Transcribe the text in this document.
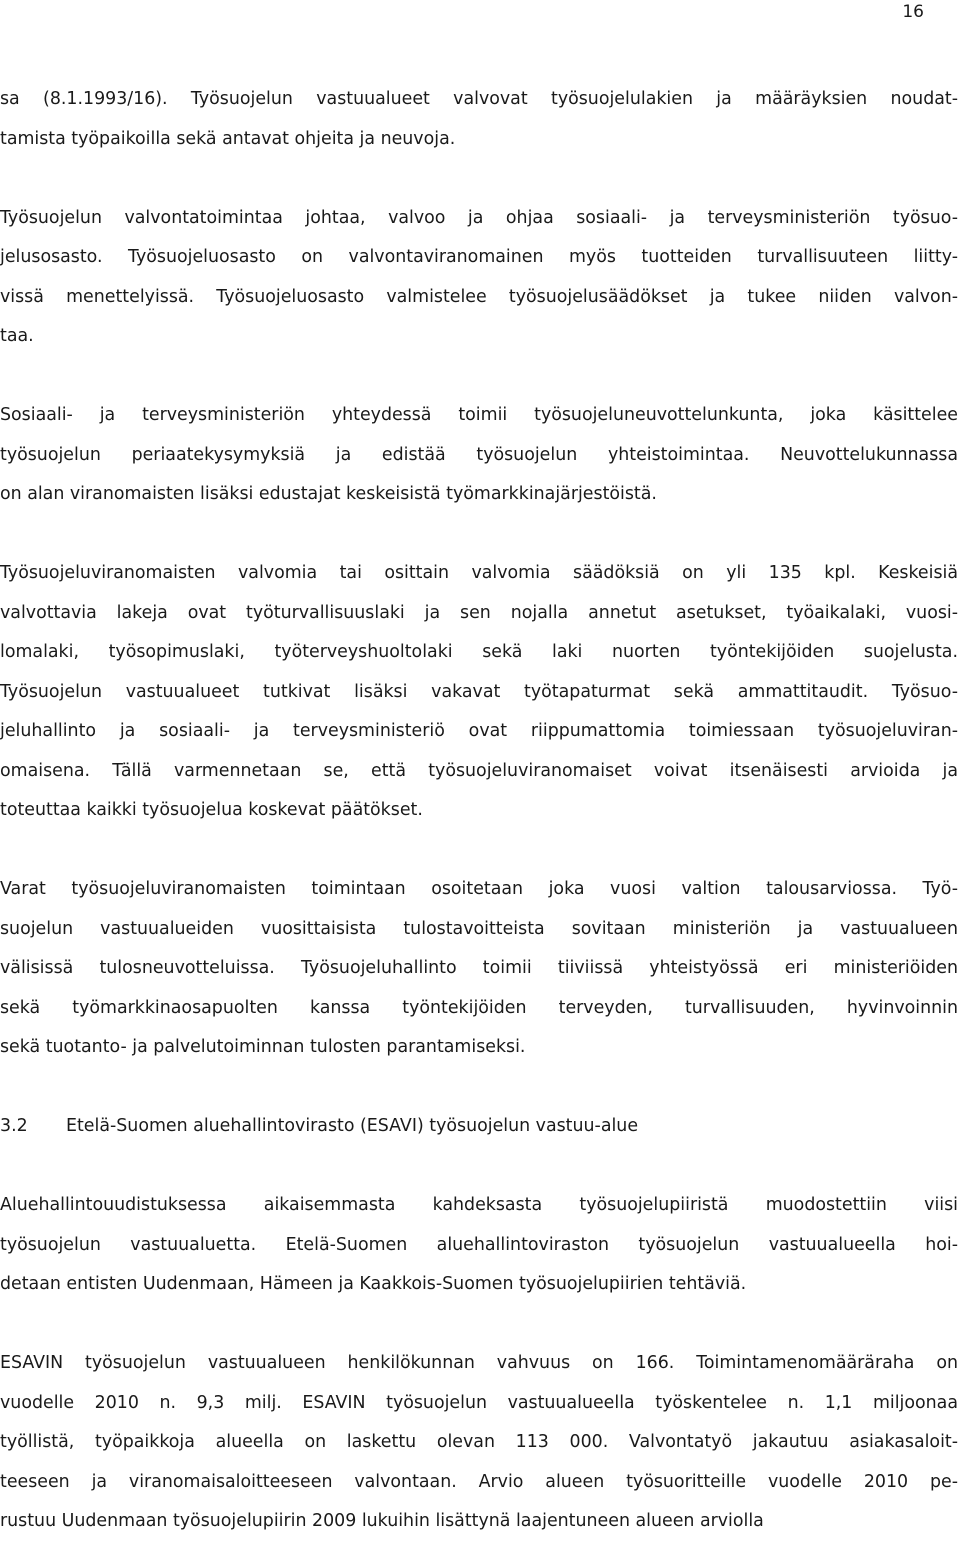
16

sa (8.1.1993/16). Työsuojelun vastuualueet valvovat työsuojelulakien ja määräyksien noudat-
tamista työpaikoilla sekä antavat ohjeita ja neuvoja.

Työsuojelun valvontatoimintaa johtaa, valvoo ja ohjaa sosiaali- ja terveysministeriön työsuo-
jelusosasto. Työsuojeluosasto on valvontaviranomainen myös tuotteiden turvallisuuteen liitty-
vissä menettelyissä. Työsuojeluosasto valmistelee työsuojelusäädökset ja tukee niiden valvon-
taa.

Sosiaali- ja terveysministeriön yhteydessä toimii työsuojeluneuvottelunkunta, joka käsittelee
työsuojelun periaatekysymyksiä ja edistää työsuojelun yhteistoimintaa. Neuvottelukunnassa
on alan viranomaisten lisäksi edustajat keskeisistä työmarkkinajärjestöistä.

Työsuojeluviranomaisten valvomia tai osittain valvomia säädöksiä on yli 135 kpl. Keskeisiä
valvottavia lakeja ovat työturvallisuuslaki ja sen nojalla annetut asetukset, työaikalaki, vuosi-
lomalaki, työsopimuslaki, työterveyshuoltolaki sekä laki nuorten työntekijöiden suojelusta.
Työsuojelun vastuualueet tutkivat lisäksi vakavat työtapaturmat sekä ammattitaudit. Työsuo-
jeluhallinto ja sosiaali- ja terveysministeriö ovat riippumattomia toimiessaan työsuojeluviran-
omaisena. Tällä varmennetaan se, että työsuojeluviranomaiset voivat itsenäisesti arvioida ja
toteuttaa kaikki työsuojelua koskevat päätökset.

Varat työsuojeluviranomaisten toimintaan osoitetaan joka vuosi valtion talousarviossa. Työ-
suojelun vastuualueiden vuosittaisista tulostavoitteista sovitaan ministeriön ja vastuualueen
välisissä tulosneuvotteluissa. Työsuojeluhallinto toimii tiiviissä yhteistyössä eri ministeriöiden
sekä työmarkkinaosapuolten kanssa työntekijöiden terveyden, turvallisuuden, hyvinvoinnin
sekä tuotanto- ja palvelutoiminnan tulosten parantamiseksi.

3.2 Etelä-Suomen aluehallintovirasto (ESAVI) työsuojelun vastuu-alue

Aluehallintouudistuksessa aikaisemmasta kahdeksasta työsuojelupiiristä muodostettiin viisi
työsuojelun vastuualuetta. Etelä-Suomen aluehallintoviraston työsuojelun vastuualueella hoi-
detaan entisten Uudenmaan, Hämeen ja Kaakkois-Suomen työsuojelupiirien tehtäviä.

ESAVIN työsuojelun vastuualueen henkilökunnan vahvuus on 166. Toimintamenomääräraha on
vuodelle 2010 n. 9,3 milj. ESAVIN työsuojelun vastuualueella työskentelee n. 1,1 miljoonaa
työllistä, työpaikkoja alueella on laskettu olevan 113 000. Valvontatyö jakautuu asiakasaloit-
teeseen ja viranomaisaloitteeseen valvontaan. Arvio alueen työsuoritteille vuodelle 2010 pe-
rustuu Uudenmaan työsuojelupiirin 2009 lukuihin lisättynä laajentuneen alueen arviolla
